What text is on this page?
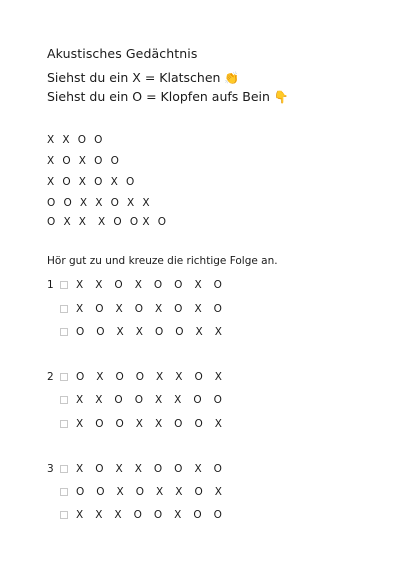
Akustisches Gedächtnis
Siehst du ein X = Klatschen 👏
Siehst du ein O = Klopfen aufs Bein 👇
X  X  O  O
X  O  X  O  O
X  O  X  O  X  O
O  O  X  X  O  X  X
O  X  X   X  O  O X  O
Hör gut zu und kreuze die richtige Folge an.
1	X   X   O   X   O   O   X   O
X   O   X   O   X   O   X   O
O   O   X   X   O   O   X   X
2	O   X   O   O   X   X   O   X
X   X   O   O   X   X   O   O
X   O   O   X   X   O   O   X
3	X   O   X   X   O   O   X   O
O   O   X   O   X   X   O   X
X   X   X   O   O   X   O   O
